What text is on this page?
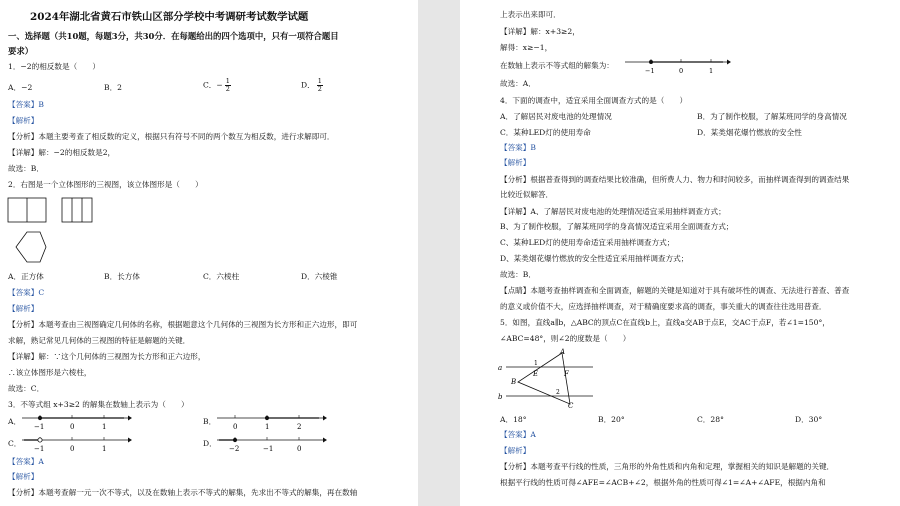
2024年湖北省黄石市铁山区部分学校中考调研考试数学试题
一、选择题（共10题，每题3分，共30分．在每题给出的四个选项中，只有一项符合题目
要求）
1．−2的相反数是（　　）
A．−2	B．2	C．− $\frac{1}{2}$	D． $\frac{1}{2}$
【答案】B
【解析】
【分析】本题主要考查了相反数的定义，根据只有符号不同的两个数互为相反数，进行求解即可．
【详解】解：−2的相反数是2，
故选：B．
2．右图是一个立体图形的三视图，该立体图形是（　　）
A．正方体	B．长方体	C．六棱柱	D．六棱锥
【答案】C
【解析】
【分析】本题考查由三视图确定几何体的名称，根据题意这个几何体的三视图为长方形和正六边形，即可
求解，熟记常见几何体的三视图的特征是解题的关键．
【详解】解：∵这个几何体的三视图为长方形和正六边形，
∴该立体图形是六棱柱，
故选：C．
3．不等式组 x+3≥2 的解集在数轴上表示为（　　）
A．
−1	0	1
B．
0	1	2
C．
−1	0	1
D．
−2	−1	0
【答案】A
【解析】
【分析】本题考查解一元一次不等式，以及在数轴上表示不等式的解集，先求出不等式的解集，再在数轴
上表示出来即可．
【详解】解：x+3≥2，
解得：x≥−1，
在数轴上表示不等式组的解集为：
−1	0	1
故选：A．
4．下面的调查中，适宜采用全面调查方式的是（　　）
A．了解居民对废电池的处理情况	B．为了制作校服，了解某班同学的身高情况
C．某种LED灯的使用寿命	D．某类烟花爆竹燃放的安全性
【答案】B
【解析】
【分析】根据普查得到的调查结果比较准确，但所费人力、物力和时间较多，而抽样调查得到的调查结果
比较近似解答．
【详解】A、了解居民对废电池的处理情况适宜采用抽样调查方式；
B、为了制作校服，了解某班同学的身高情况适宜采用全面调查方式；
C、某种LED灯的使用寿命适宜采用抽样调查方式；
D、某类烟花爆竹燃放的安全性适宜采用抽样调查方式；
故选：B．
【点睛】本题考查抽样调查和全面调查，解题的关键是知道对于具有破坏性的调查、无法进行普查、普查
的意义或价值不大，应选择抽样调查，对于精确度要求高的调查，事关重大的调查往往选用普查．
5．如图，直线a∥b，△ABC的顶点C在直线b上，直线a交AB于点E，交AC于点F，若∠1=150°，
∠ABC=48°，则∠2的度数是（　　）
a
b
A
B
C
E	F
1
2
A．18°	B．20°	C．28°	D．30°
【答案】A
【解析】
【分析】本题考查平行线的性质，三角形的外角性质和内角和定理，掌握相关的知识是解题的关键．
根据平行线的性质可得∠AFE=∠ACB+∠2，根据外角的性质可得∠1=∠A+∠AFE，根据内角和
